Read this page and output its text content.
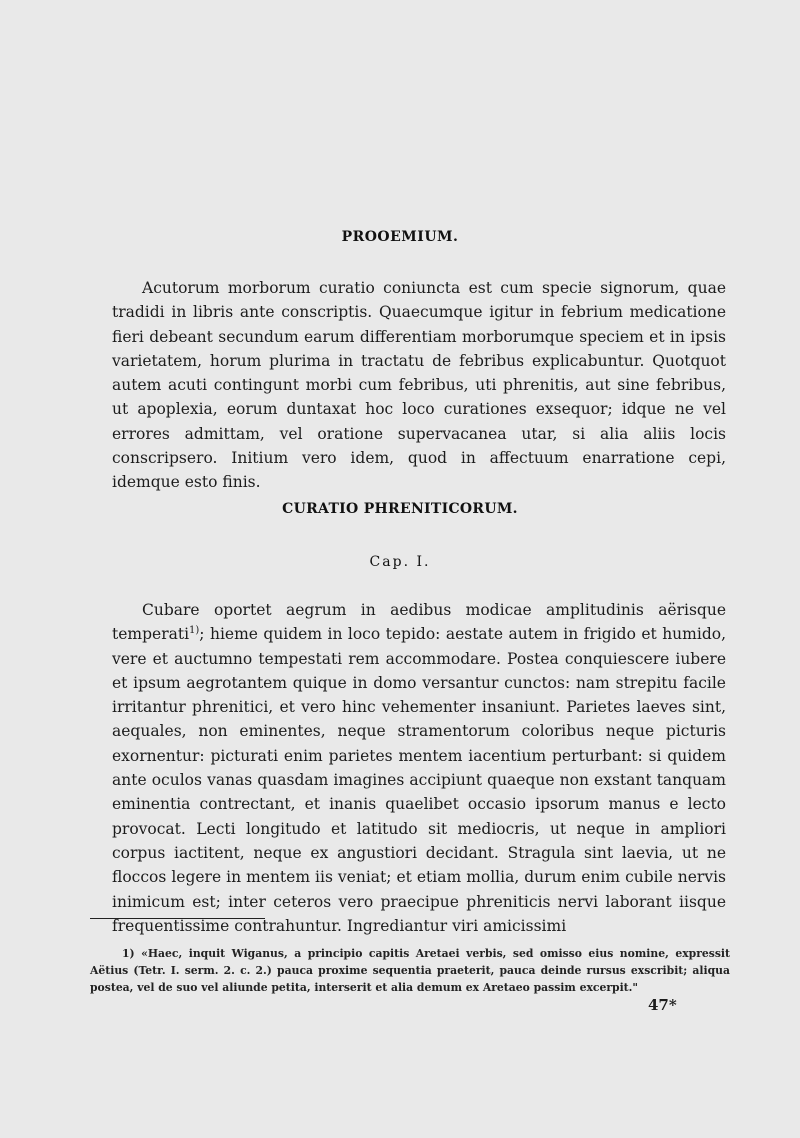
PROOEMIUM.

Acutorum morborum curatio coniuncta est cum specie signorum, quae tradidi in libris ante conscriptis. Quaecumque igitur in febrium medicatione fieri debeant secundum earum differentiam morborumque speciem et in ipsis varietatem, horum plurima in tractatu de febribus explicabuntur. Quotquot autem acuti contingunt morbi cum febribus, uti phrenitis, aut sine febribus, ut apoplexia, eorum duntaxat hoc loco curationes exsequor; idque ne vel errores admittam, vel oratione supervacanea utar, si alia aliis locis conscripsero. Initium vero idem, quod in affectuum enarratione cepi, idemque esto finis.

CURATIO PHRENITICORUM.
Cap. I.

Cubare oportet aegrum in aedibus modicae amplitudinis aërisque temperati$^{1)}$; hieme quidem in loco tepido: aestate autem in frigido et humido, vere et auctumno tempestati rem accommodare. Postea conquiescere iubere et ipsum aegrotantem quique in domo versantur cunctos: nam strepitu facile irritantur phrenitici, et vero hinc vehementer insaniunt. Parietes laeves sint, aequales, non eminentes, neque stramentorum coloribus neque picturis exornentur: picturati enim parietes mentem iacentium perturbant: si quidem ante oculos vanas quasdam imagines accipiunt quaeque non exstant tanquam eminentia contrectant, et inanis quaelibet occasio ipsorum manus e lecto provocat. Lecti longitudo et latitudo sit mediocris, ut neque in ampliori corpus iactitent, neque ex angustiori decidant. Stragula sint laevia, ut ne floccos legere in mentem iis veniat; et etiam mollia, durum enim cubile nervis inimicum est; inter ceteros vero praecipue phreniticis nervi laborant iisque frequentissime contrahuntur. Ingrediantur viri amicissimi

1) «Haec, inquit Wiganus, a principio capitis Aretaei verbis, sed omisso eius nomine, expressit Aëtius (Tetr. I. serm. 2. c. 2.) pauca proxime sequentia praeterit, pauca deinde rursus exscribit; aliqua postea, vel de suo vel aliunde petita, interserit et alia demum ex Aretaeo passim excerpit."

47*
